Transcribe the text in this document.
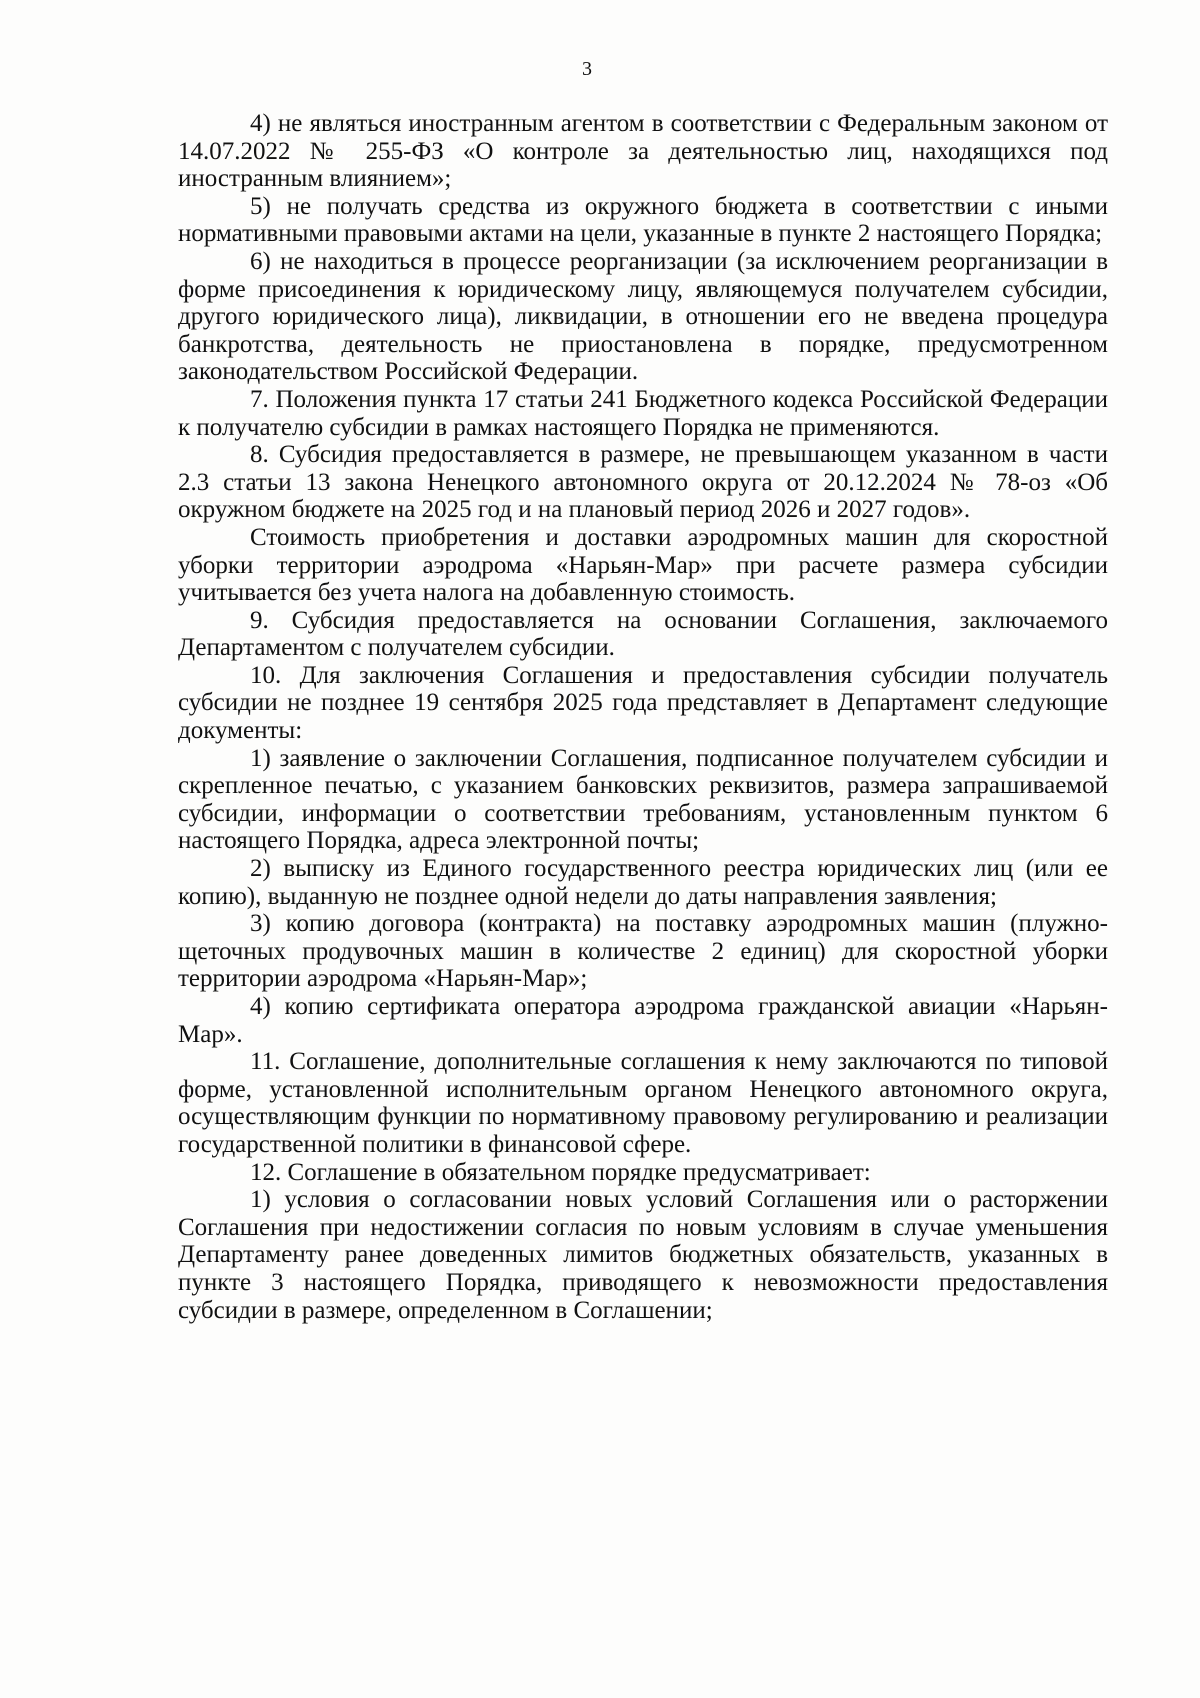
3

4) не являться иностранным агентом в соответствии с Федеральным законом от 14.07.2022 № 255-ФЗ «О контроле за деятельностью лиц, находящихся под иностранным влиянием»;

5) не получать средства из окружного бюджета в соответствии с иными нормативными правовыми актами на цели, указанные в пункте 2 настоящего Порядка;

6) не находиться в процессе реорганизации (за исключением реорганизации в форме присоединения к юридическому лицу, являющемуся получателем субсидии, другого юридического лица), ликвидации, в отношении его не введена процедура банкротства, деятельность не приостановлена в порядке, предусмотренном законодательством Российской Федерации.

7. Положения пункта 17 статьи 241 Бюджетного кодекса Российской Федерации к получателю субсидии в рамках настоящего Порядка не применяются.

8. Субсидия предоставляется в размере, не превышающем указанном в части 2.3 статьи 13 закона Ненецкого автономного округа от 20.12.2024 № 78-оз «Об окружном бюджете на 2025 год и на плановый период 2026 и 2027 годов».

Стоимость приобретения и доставки аэродромных машин для скоростной уборки территории аэродрома «Нарьян-Мар» при расчете размера субсидии учитывается без учета налога на добавленную стоимость.

9. Субсидия предоставляется на основании Соглашения, заключаемого Департаментом с получателем субсидии.

10. Для заключения Соглашения и предоставления субсидии получатель субсидии не позднее 19 сентября 2025 года представляет в Департамент следующие документы:

1) заявление о заключении Соглашения, подписанное получателем субсидии и скрепленное печатью, с указанием банковских реквизитов, размера запрашиваемой субсидии, информации о соответствии требованиям, установленным пунктом 6 настоящего Порядка, адреса электронной почты;

2) выписку из Единого государственного реестра юридических лиц (или ее копию), выданную не позднее одной недели до даты направления заявления;

3) копию договора (контракта) на поставку аэродромных машин (плужно-щеточных продувочных машин в количестве 2 единиц) для скоростной уборки территории аэродрома «Нарьян-Мар»;

4) копию сертификата оператора аэродрома гражданской авиации «Нарьян-Мар».

11. Соглашение, дополнительные соглашения к нему заключаются по типовой форме, установленной исполнительным органом Ненецкого автономного округа, осуществляющим функции по нормативному правовому регулированию и реализации государственной политики в финансовой сфере.

12. Соглашение в обязательном порядке предусматривает:

1) условия о согласовании новых условий Соглашения или о расторжении Соглашения при недостижении согласия по новым условиям в случае уменьшения Департаменту ранее доведенных лимитов бюджетных обязательств, указанных в пункте 3 настоящего Порядка, приводящего к невозможности предоставления субсидии в размере, определенном в Соглашении;
